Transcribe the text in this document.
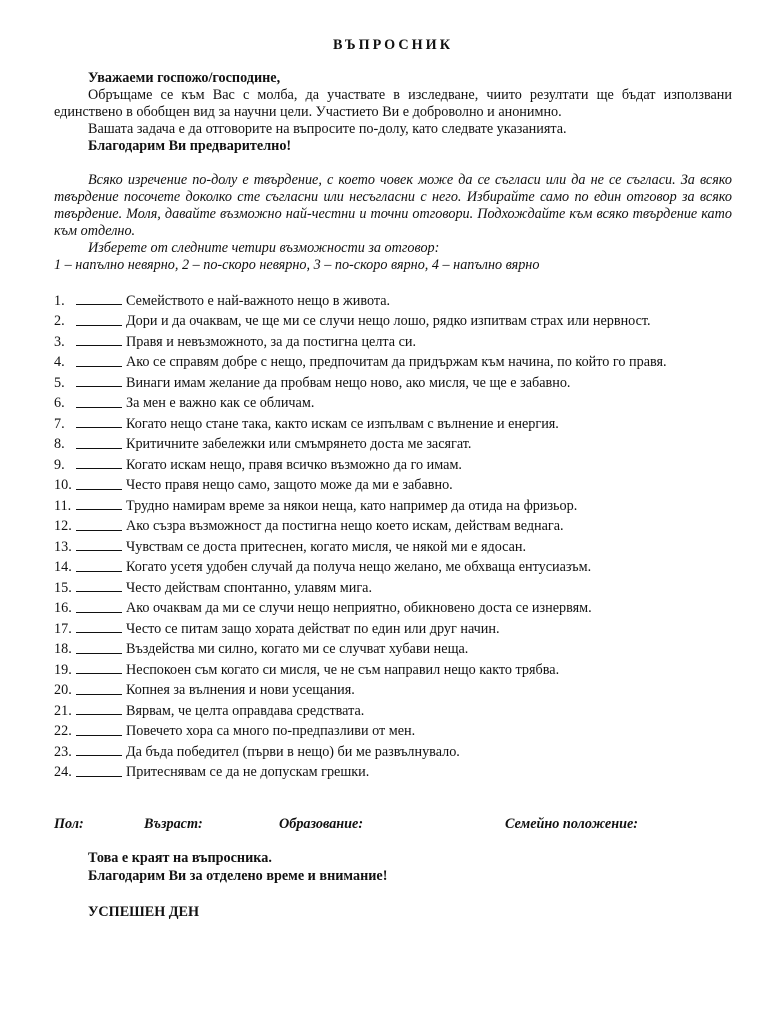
ВЪПРОСНИК

Уважаеми госпожо/господине,

Обръщаме се към Вас с молба, да участвате в изследване, чиито резултати ще бъдат използвани единствено в обобщен вид за научни цели. Участието Ви е доброволно и анонимно.

Вашата задача е да отговорите на въпросите по-долу, като следвате указанията.

Благодарим Ви предварително!

Всяко изречение по-долу е твърдение, с което човек може да се съгласи или да не се съгласи. За всяко твърдение посочете доколко сте съгласни или несъгласни с него. Избирайте само по един отговор за всяко твърдение. Моля, давайте възможно най-честни и точни отговори. Подхождайте към всяко твърдение като към отделно.

Изберете от следните четири възможности за отговор:

1 – напълно невярно, 2 – по-скоро невярно, 3 – по-скоро вярно, 4 – напълно вярно

1.	Семейството е най-важното нещо в живота.
2.	Дори и да очаквам, че ще ми се случи нещо лошо, рядко изпитвам страх или нервност.
3.	Правя и невъзможното, за да постигна целта си.
4.	Ако се справям добре с нещо, предпочитам да придържам към начина, по който го правя.
5.	Винаги имам желание да пробвам нещо ново, ако мисля, че ще е забавно.
6.	За мен е важно как се обличам.
7.	Когато нещо стане така, както искам се изпълвам с вълнение и енергия.
8.	Критичните забележки или смъмрянето доста ме засягат.
9.	Когато искам нещо, правя всичко възможно да го имам.
10.	Често правя нещо само, защото може да ми е забавно.
11.	Трудно намирам време за някои неща, като например да отида на фризьор.
12.	Ако съзра възможност да постигна нещо което искам, действам веднага.
13.	Чувствам се доста притеснен, когато мисля, че някой ми е ядосан.
14.	Когато усетя удобен случай да получа нещо желано, ме обхваща ентусиазъм.
15.	Често действам спонтанно, улавям мига.
16.	Ако очаквам да ми се случи нещо неприятно, обикновено доста се изнервям.
17.	Често се питам защо хората действат по един или друг начин.
18.	Въздейства ми силно, когато ми се случват хубави неща.
19.	Неспокоен съм когато си мисля, че не съм направил нещо както трябва.
20.	Копнея за вълнения и нови усещания.
21.	Вярвам, че целта оправдава средствата.
22.	Повечето хора са много по-предпазливи от мен.
23.	Да бъда победител (първи в нещо) би ме развълнувало.
24.	Притеснявам се да не допускам грешки.
Пол:	Възраст:	Образование:	Семейно положение:
Това е краят на въпросника.
Благодарим Ви за отделено време и внимание!
УСПЕШЕН ДЕН
